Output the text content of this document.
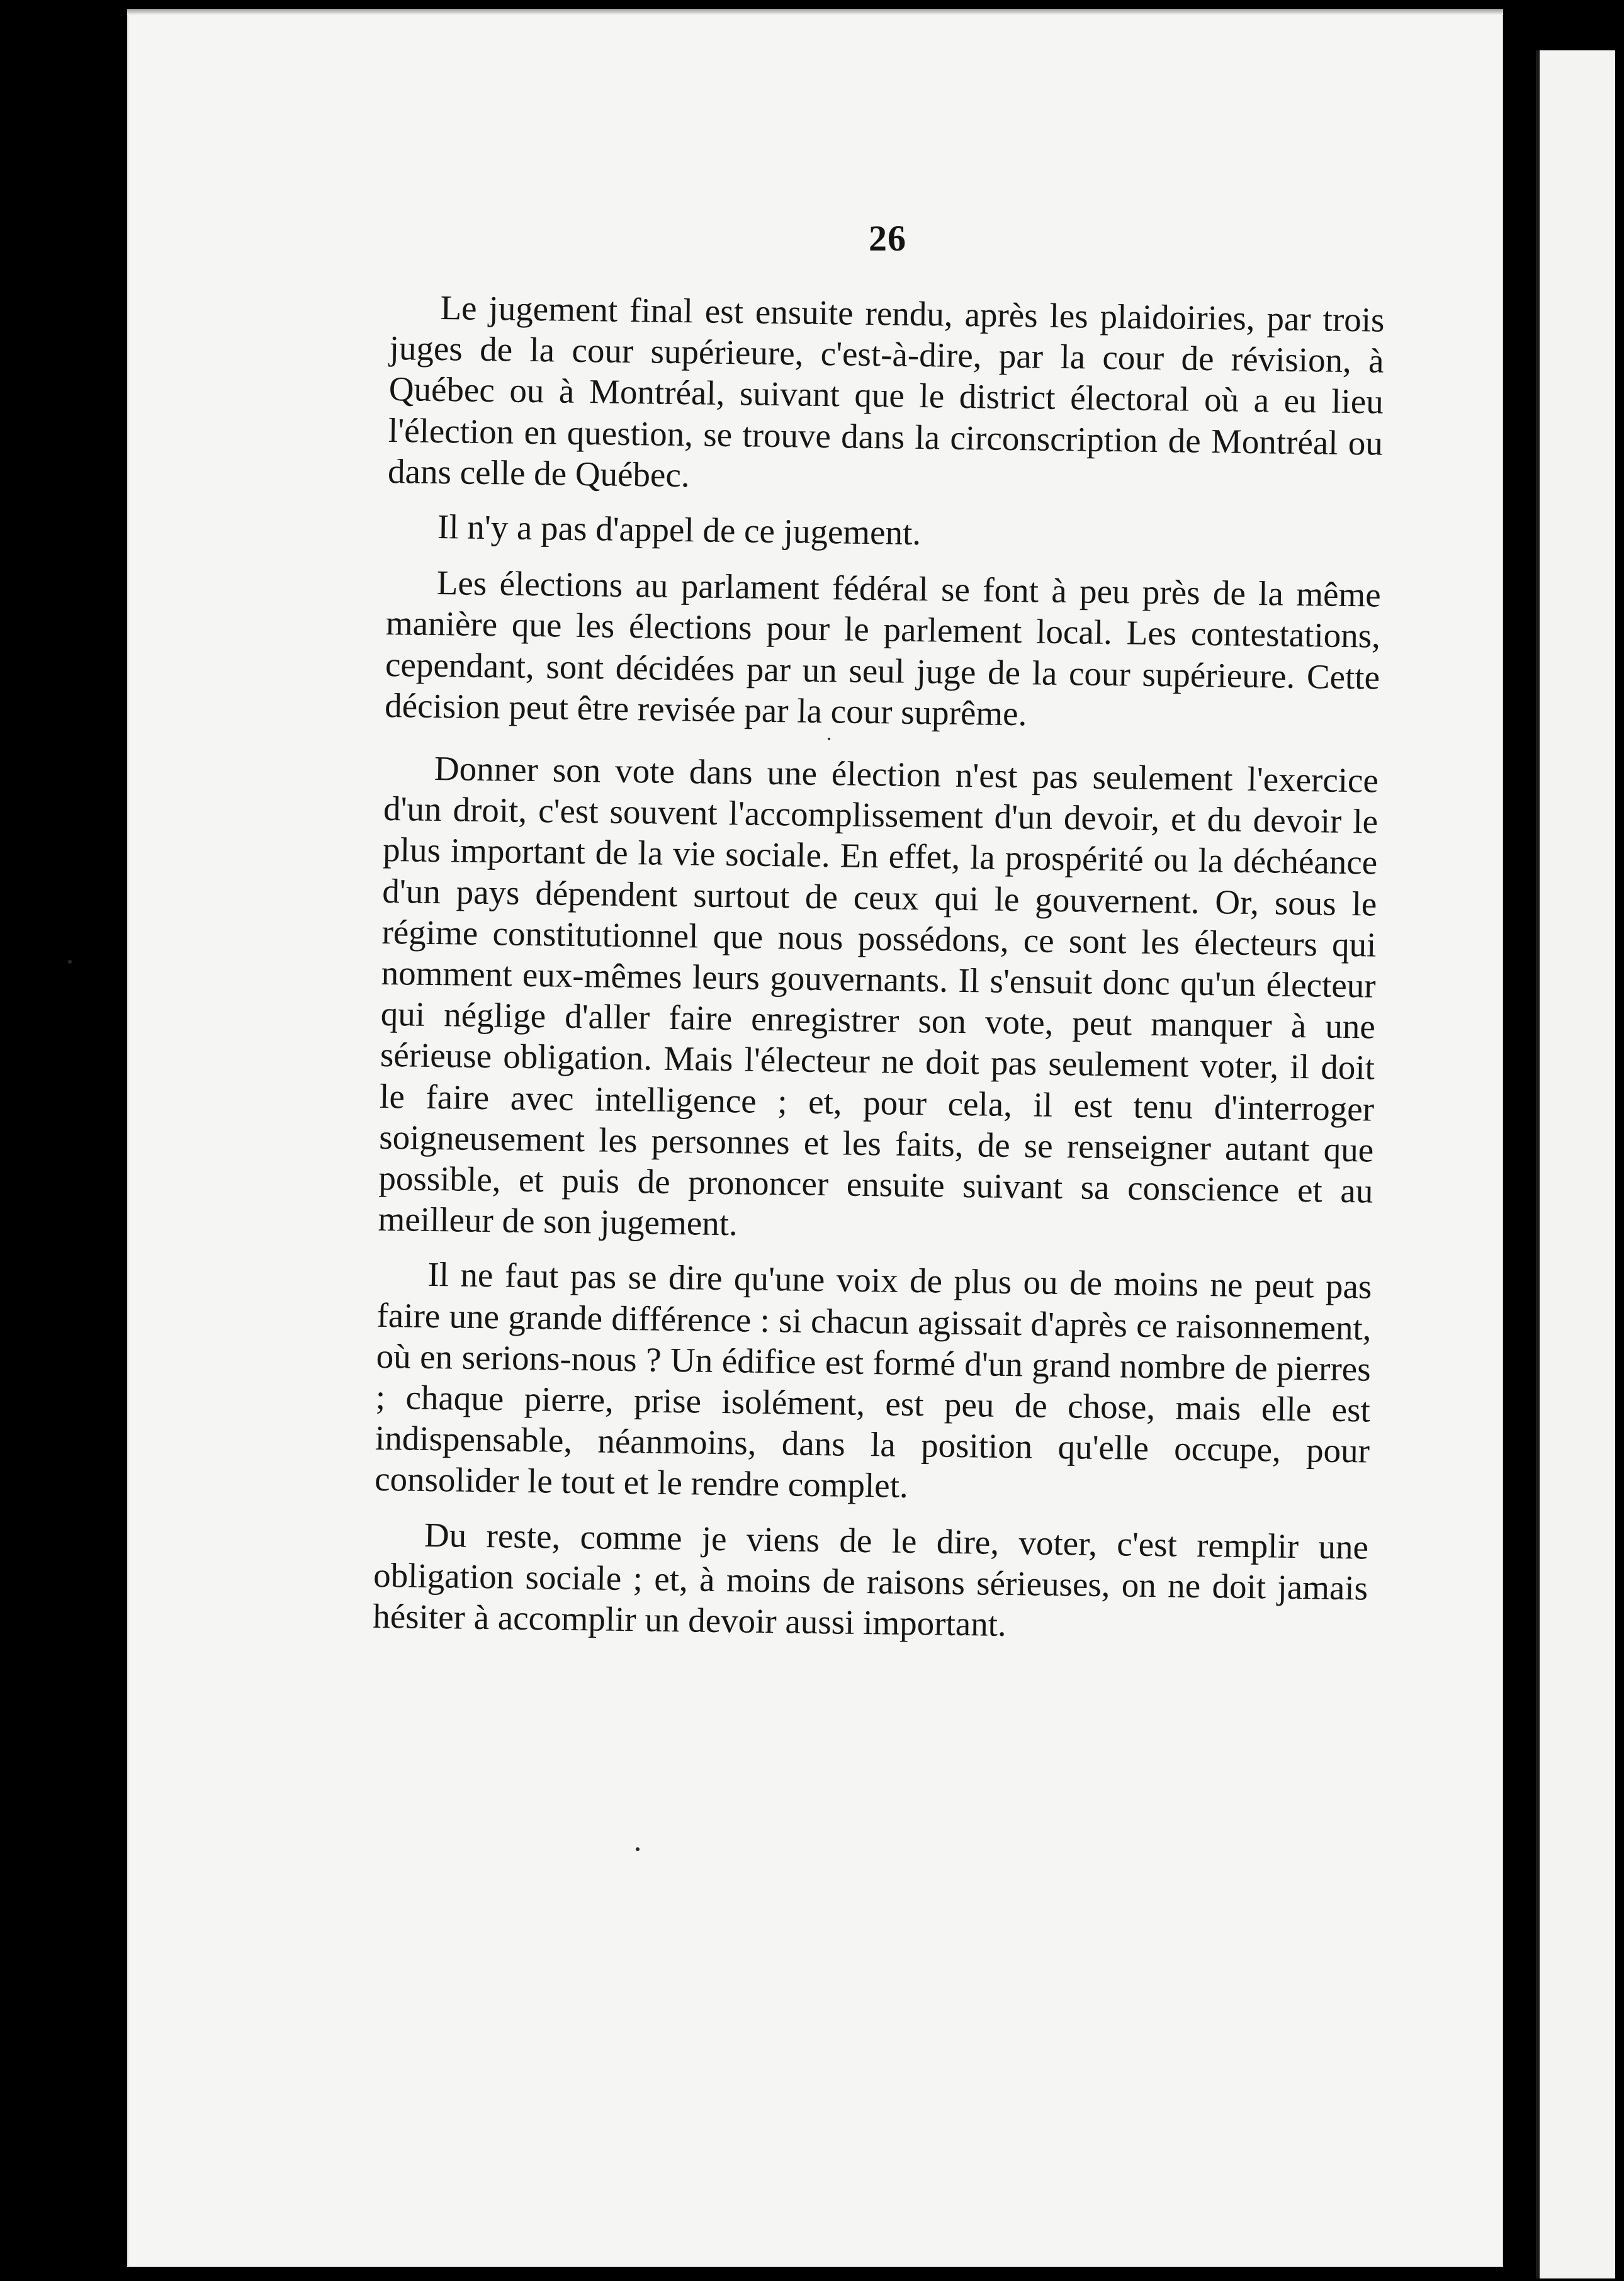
26

Le jugement final est ensuite rendu, après les plaidoiries, par trois juges de la cour supérieure, c'est-à-dire, par la cour de révision, à Québec ou à Montréal, suivant que le district électoral où a eu lieu l'élection en question, se trouve dans la circonscription de Montréal ou dans celle de Québec.

Il n'y a pas d'appel de ce jugement.

Les élections au parlament fédéral se font à peu près de la même manière que les élections pour le parlement local. Les contestations, cependant, sont décidées par un seul juge de la cour supérieure. Cette décision peut être revisée par la cour suprême.

Donner son vote dans une élection n'est pas seulement l'exercice d'un droit, c'est souvent l'accomplissement d'un devoir, et du devoir le plus important de la vie sociale. En effet, la prospérité ou la déchéance d'un pays dépendent surtout de ceux qui le gouvernent. Or, sous le régime constitutionnel que nous possédons, ce sont les électeurs qui nomment eux-mêmes leurs gouvernants. Il s'ensuit donc qu'un électeur qui néglige d'aller faire enregistrer son vote, peut manquer à une sérieuse obligation. Mais l'électeur ne doit pas seulement voter, il doit le faire avec intelligence ; et, pour cela, il est tenu d'interroger soigneusement les personnes et les faits, de se renseigner autant que possible, et puis de prononcer ensuite suivant sa conscience et au meilleur de son jugement.

Il ne faut pas se dire qu'une voix de plus ou de moins ne peut pas faire une grande différence : si chacun agissait d'après ce raisonnement, où en serions-nous ? Un édifice est formé d'un grand nombre de pierres ; chaque pierre, prise isolément, est peu de chose, mais elle est indispensable, néanmoins, dans la position qu'elle occupe, pour consolider le tout et le rendre complet.

Du reste, comme je viens de le dire, voter, c'est remplir une obligation sociale ; et, à moins de raisons sérieuses, on ne doit jamais hésiter à accomplir un devoir aussi important.
